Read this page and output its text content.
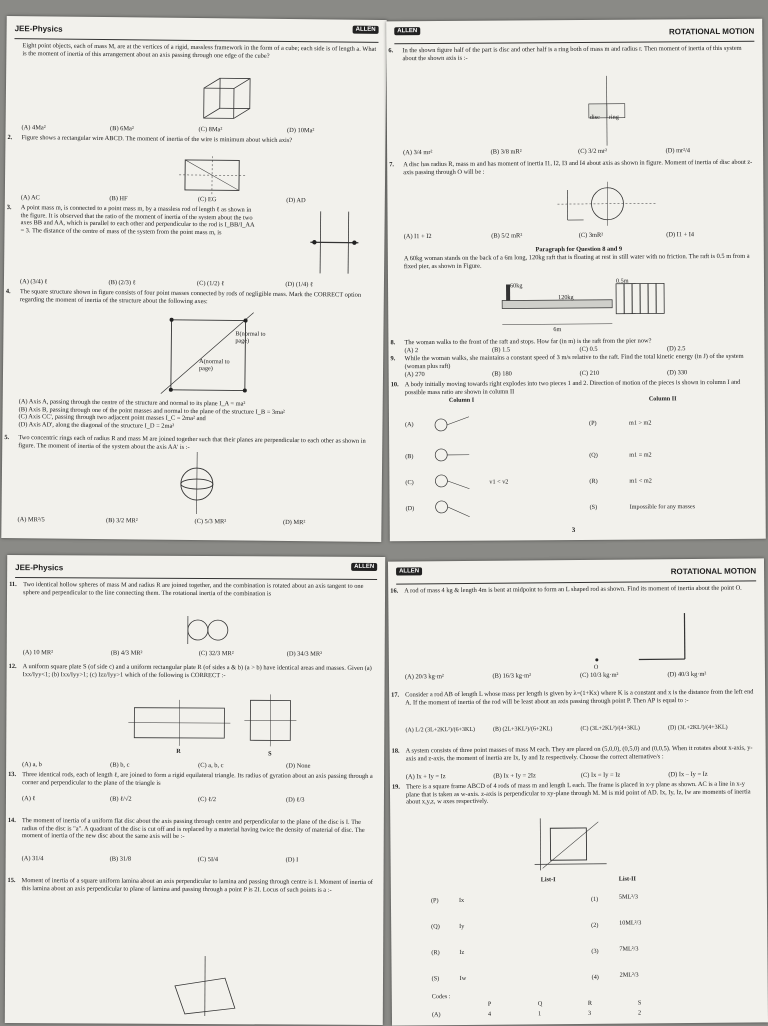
JEE-Physics	ALLEN
Eight point objects, each of mass M, are at the vertices of a rigid, massless framework in the form of a cube; each side is of length a. What is the moment of inertia of this arrangement about an axis passing through one edge of the cube?
(A) 4Ma²	(B) 6Ma²	(C) 8Ma²	(D) 10Ma²
2. Figure shows a rectangular wire ABCD. The moment of inertia of the wire is minimum about which axis?
(A) AC	(B) HF	(C) EG	(D) AD
3. A point mass m, is connected to a point mass m, by a massless rod of length ℓ as shown in the figure. It is observed that the ratio of the moment of inertia of the system about the two axes BB and AA, which is parallel to each other and perpendicular to the rod is I_BB/I_AA = 3. The distance of the centre of mass of the system from the point mass m, is
(A) (3/4) ℓ	(B) (2/3) ℓ	(C) (1/2) ℓ	(D) (1/4) ℓ
4. The square structure shown in figure consists of four point masses connected by rods of negligible mass. Mark the CORRECT option regarding the moment of inertia of the structure about the following axes:
A(normal to page)
B(normal to page)
(A) Axis A, passing through the centre of the structure and normal to its plane I_A = ma²
(B) Axis B, passing through one of the point masses and normal to the plane of the structure I_B = 3ma²
(C) Axis CC', passing through two adjacent point masses I_C = 2ma² and
(D) Axis AD', along the diagonal of the structure I_D = 2ma²
5. Two concentric rings each of radius R and mass M are joined together such that their planes are perpendicular to each other as shown in figure. The moment of inertia of the system about the axis AA' is :-
(A) MR²/5	(B) 3/2 MR²	(C) 5/3 MR²	(D) MR²
ALLEN	ROTATIONAL MOTION
6. In the shown figure half of the part is disc and other half is a ring both of mass m and radius r. Then moment of inertia of this system about the shown axis is :-
disc ring
(A) 3/4 mr²	(B) 3/8 mR²	(C) 3/2 mr²	(D) mr²/4
7. A disc has radius R, mass m and has moment of inertia I1, I2, I3 and I4 about axis as shown in figure. Moment of inertia of disc about z-axis passing through O will be :
(A) I1 + I2	(B) 5/2 mR²	(C) 3mR²	(D) I1 + I4
Paragraph for Question 8 and 9
A 60kg woman stands on the back of a 6m long, 120kg raft that is floating at rest in still water with no friction. The raft is 0.5 m from a fixed pier, as shown in Figure.
60kg
120kg
0.5m
6m
8. The woman walks to the front of the raft and stops. How far (in m) is the raft from the pier now?
(A) 2	(B) 1.5	(C) 0.5	(D) 2.5
9. While the woman walks, she maintains a constant speed of 3 m/s relative to the raft. Find the total kinetic energy (in J) of the system (woman plus raft)
(A) 270	(B) 180	(C) 210	(D) 330
10. A body initially moving towards right explodes into two pieces 1 and 2. Direction of motion of the pieces is shown in column I and possible mass ratio are shown in column II
Column I	Column II
(A)	(P)	m1 > m2
(B)	(Q)	m1 = m2
(C)	v1 < v2	(R)	m1 < m2
(D)	(S)	Impossible for any masses
3
JEE-Physics	ALLEN
11. Two identical hollow spheres of mass M and radius R are joined together, and the combination is rotated about an axis tangent to one sphere and perpendicular to the line connecting them. The rotational inertia of the combination is
(A) 10 MR²	(B) 4/3 MR²	(C) 32/3 MR²	(D) 34/3 MR²
12. A uniform square plate S (of side c) and a uniform rectangular plate R (of sides a & b) (a > b) have identical areas and masses. Given (a) Ixx/Iyy<1; (b) Ixx/Iyy>1; (c) Izz/Iyy>1 which of the following is CORRECT :-
R	S
(A) a, b	(B) b, c	(C) a, b, c	(D) None
13. Three identical rods, each of length ℓ, are joined to form a rigid equilateral triangle. Its radius of gyration about an axis passing through a corner and perpendicular to the plane of the triangle is
(A) ℓ	(B) ℓ/√2	(C) ℓ/2	(D) ℓ/3
14. The moment of inertia of a uniform flat disc about the axis passing through centre and perpendicular to the plane of the disc is I. The radius of the disc is "a". A quadrant of the disc is cut off and is replaced by a material having twice the density of material of disc. The moment of inertia of the new disc about the same axis will be :-
(A) 31/4	(B) 31/8	(C) 5I/4	(D) I
15. Moment of inertia of a square uniform lamina about an axis perpendicular to lamina and passing through centre is I. Moment of inertia of this lamina about an axis perpendicular to plane of lamina and passing through a point P is 2I. Locus of such points is a :-
ALLEN	ROTATIONAL MOTION
16. A rod of mass 4 kg & length 4m is bent at midpoint to form an L shaped rod as shown. Find its moment of inertia about the point O.
O
(A) 20/3 kg·m²	(B) 16/3 kg·m²	(C) 10/3 kg·m²	(D) 40/3 kg·m²
17. Consider a rod AB of length L whose mass per length is given by λ=(1+Kx) where K is a constant and x is the distance from the left end A. If the moment of inertia of the rod will be least about an axis passing through point P. Then AP is equal to :-
(A) L/2 (3L+2KL²)/(6+3KL)	(B) (2L+3KL²)/(6+2KL)	(C) (3L+2KL²)/(4+3KL)	(D) (3L+2KL²)/(4+3KL)
18. A system consists of three point masses of mass M each. They are placed on (5,0,0), (0,5,0) and (0,0,5). When it rotates about x-axis, y-axis and z-axis, the moment of inertia are Ix, Iy and Iz respectively. Choose the correct alternative/s :
(A) Ix + Iy = Iz	(B) Ix + Iy = 2Iz	(C) Ix = Iy = Iz	(D) Ix – Iy = Iz
19. There is a square frame ABCD of 4 rods of mass m and length L each. The frame is placed in x-y plane as shown. AC is a line in x-y plane that is taken as w-axis. z-axis is perpendicular to xy-plane through M. M is mid point of AD. Ix, Iy, Iz, Iw are moments of inertia about x,y,z, w axes respectively.
List-I	List-II
(P)	Ix	(1)	5ML²/3
(Q)	Iy	(2)	10ML²/3
(R)	Iz	(3)	7ML²/3
(S)	Iw	(4)	2ML²/3
Codes :
P	Q	R	S
(A)	4	1	3	2
